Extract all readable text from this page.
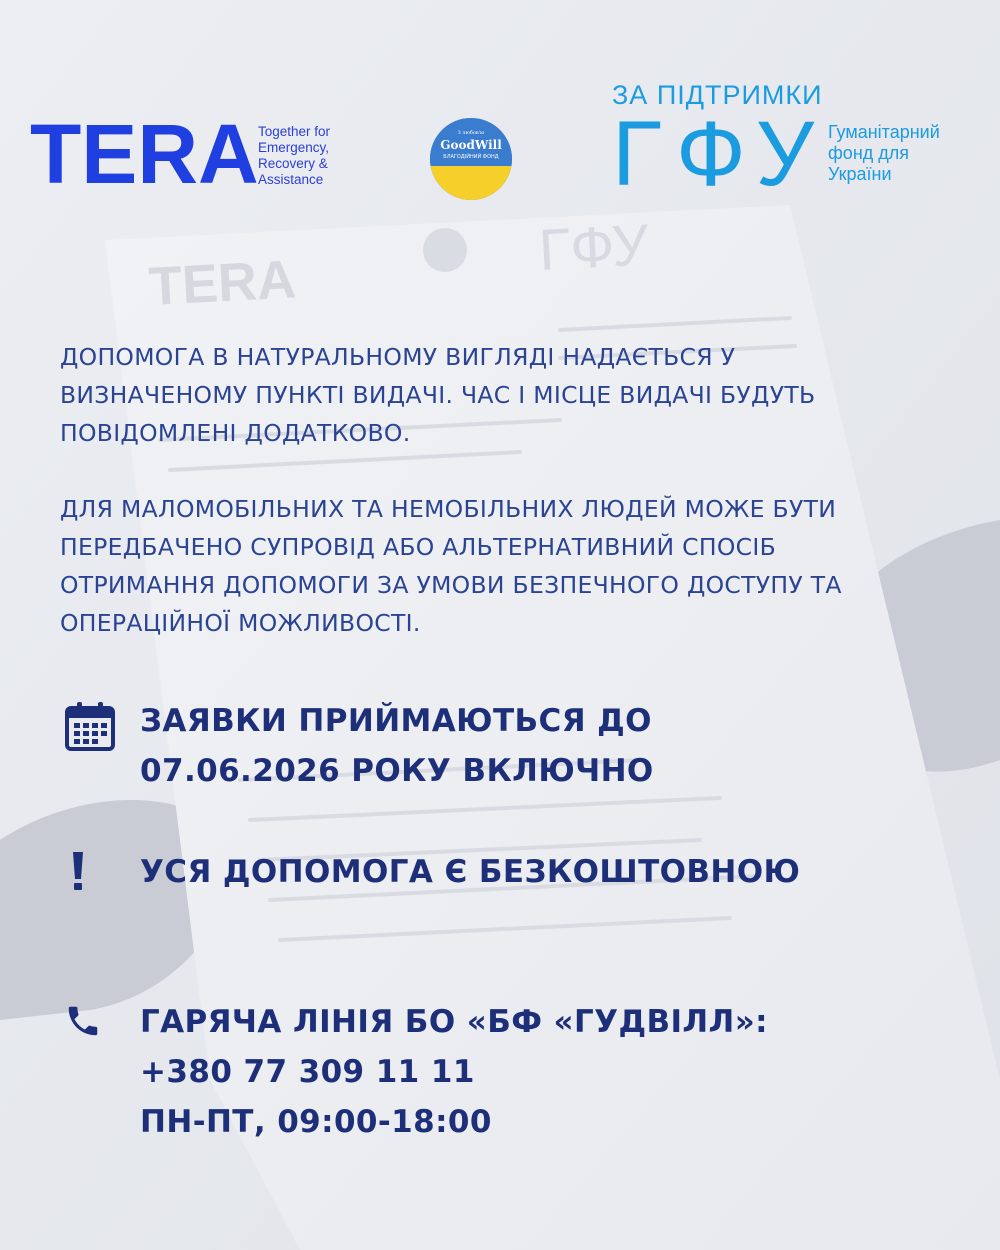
TERA
ГФУ
TERA Together for
Emergency,
Recovery &
Assistance
З любов'ю
GoodWill
БЛАГОДІЙНИЙ ФОНД
ЗА ПІДТРИМКИ
ГФУ Гуманітарний
фонд для
України
ДОПОМОГА В НАТУРАЛЬНОМУ ВИГЛЯДІ НАДАЄТЬСЯ У
ВИЗНАЧЕНОМУ ПУНКТІ ВИДАЧІ. ЧАС І МІСЦЕ ВИДАЧІ БУДУТЬ
ПОВІДОМЛЕНІ ДОДАТКОВО.
ДЛЯ МАЛОМОБІЛЬНИХ ТА НЕМОБІЛЬНИХ ЛЮДЕЙ МОЖЕ БУТИ
ПЕРЕДБАЧЕНО СУПРОВІД АБО АЛЬТЕРНАТИВНИЙ СПОСІБ
ОТРИМАННЯ ДОПОМОГИ ЗА УМОВИ БЕЗПЕЧНОГО ДОСТУПУ ТА
ОПЕРАЦІЙНОЇ МОЖЛИВОСТІ.
ЗАЯВКИ ПРИЙМАЮТЬСЯ ДО
07.06.2026 РОКУ ВКЛЮЧНО
УСЯ ДОПОМОГА Є БЕЗКОШТОВНОЮ
ГАРЯЧА ЛІНІЯ БО «БФ «ГУДВІЛЛ»:
+380 77 309 11 11
ПН-ПТ, 09:00-18:00
